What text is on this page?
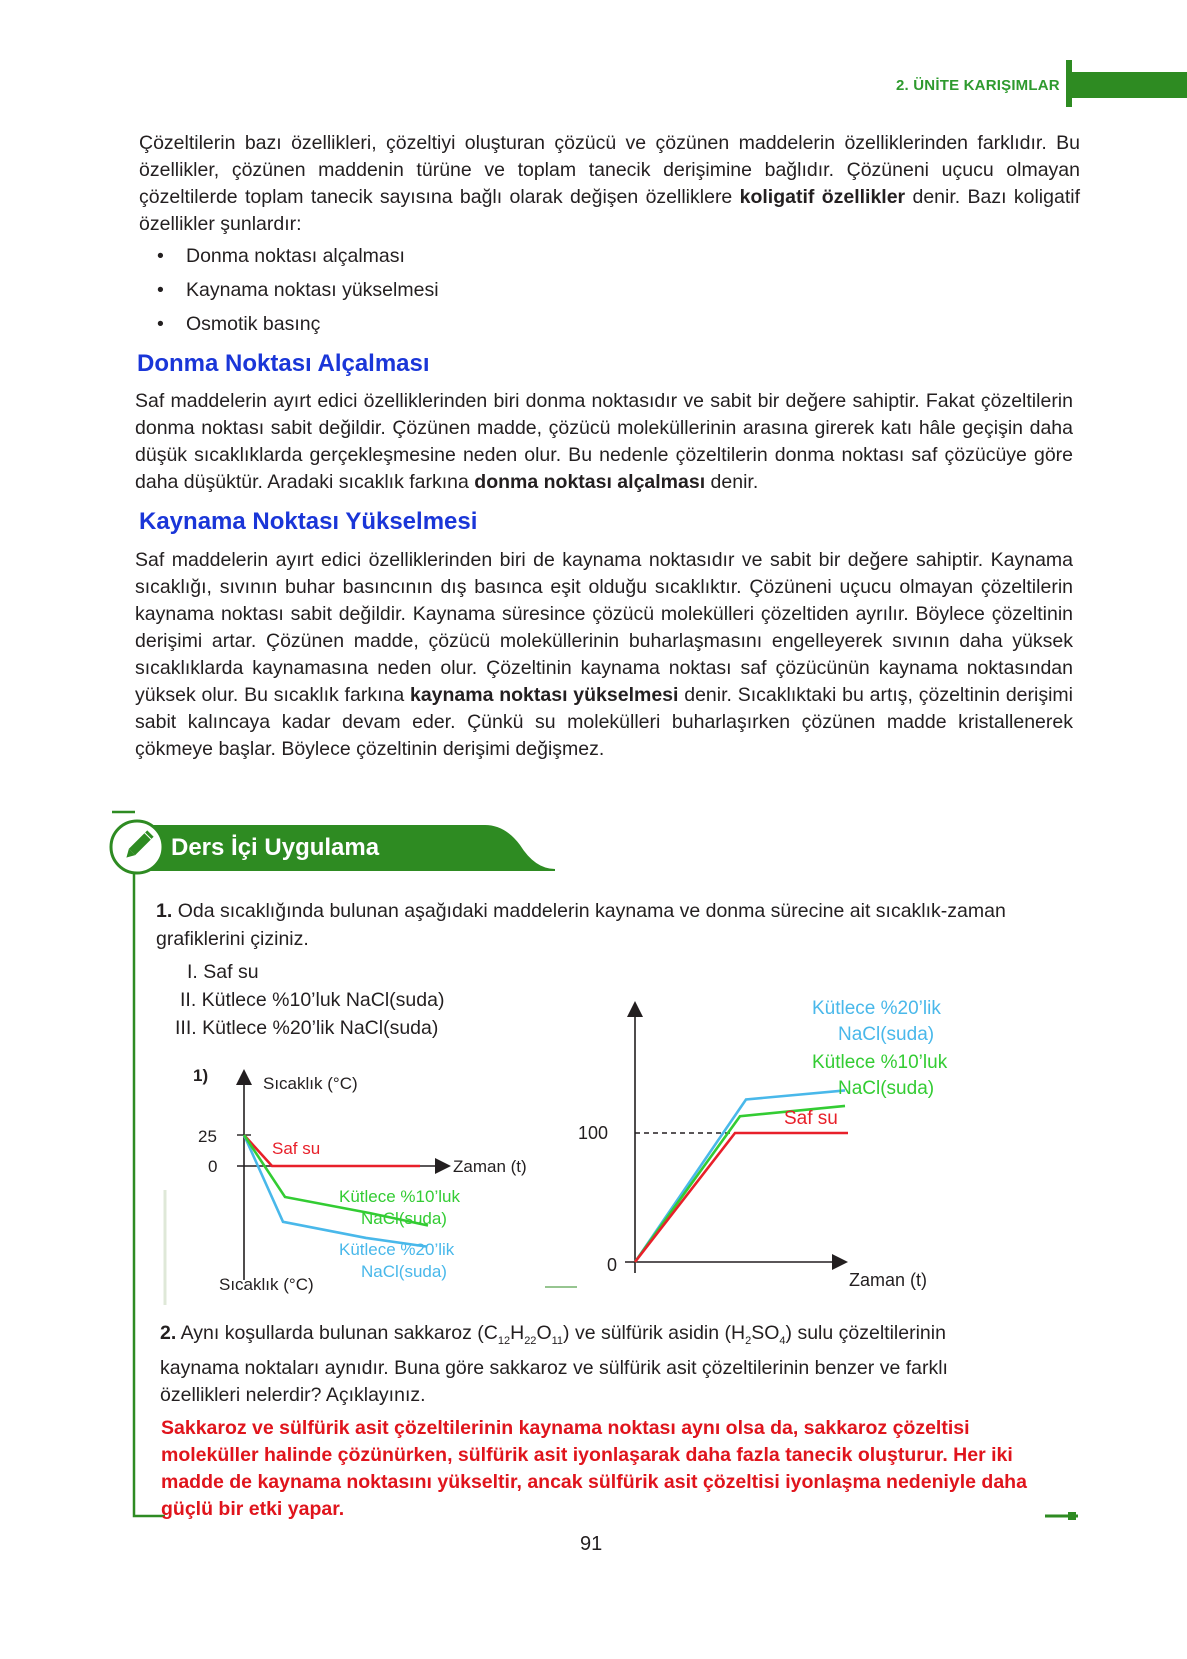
2. ÜNİTE KARIŞIMLAR

Çözeltilerin bazı özellikleri, çözeltiyi oluşturan çözücü ve çözünen maddelerin özelliklerinden farklıdır. Bu özellikler, çözünen maddenin türüne ve toplam tanecik derişimine bağlıdır. Çözüneni uçucu olmayan çözeltilerde toplam tanecik sayısına bağlı olarak değişen özelliklere koligatif özellikler denir. Bazı koligatif özellikler şunlardır:

• Donma noktası alçalması
• Kaynama noktası yükselmesi
• Osmotik basınç
Donma Noktası Alçalması

Saf maddelerin ayırt edici özelliklerinden biri donma noktasıdır ve sabit bir değere sahiptir. Fakat çözeltilerin donma noktası sabit değildir. Çözünen madde, çözücü moleküllerinin arasına girerek katı hâle geçişin daha düşük sıcaklıklarda gerçekleşmesine neden olur. Bu nedenle çözeltilerin donma noktası saf çözücüye göre daha düşüktür. Aradaki sıcaklık farkına donma noktası alçalması denir.

Kaynama Noktası Yükselmesi

Saf maddelerin ayırt edici özelliklerinden biri de kaynama noktasıdır ve sabit bir değere sahiptir. Kaynama sıcaklığı, sıvının buhar basıncının dış basınca eşit olduğu sıcaklıktır. Çözüneni uçucu olmayan çözeltilerin kaynama noktası sabit değildir. Kaynama süresince çözücü molekülleri çözeltiden ayrılır. Böylece çözeltinin derişimi artar. Çözünen madde, çözücü moleküllerinin buharlaşmasını engelleyerek sıvının daha yüksek sıcaklıklarda kaynamasına neden olur. Çözeltinin kaynama noktası saf çözücünün kaynama noktasından yüksek olur. Bu sıcaklık farkına kaynama noktası yükselmesi denir. Sıcaklıktaki bu artış, çözeltinin derişimi sabit kalıncaya kadar devam eder. Çünkü su molekülleri buharlaşırken çözünen madde kristallenerek çökmeye başlar. Böylece çözeltinin derişimi değişmez.

Ders İçi Uygulama
1. Oda sıcaklığında bulunan aşağıdaki maddelerin kaynama ve donma sürecine ait sıcaklık-zaman grafiklerini çiziniz.
I. Saf su
II. Kütlece %10’luk NaCl(suda)
III. Kütlece %20’lik NaCl(suda)
1)	Sıcaklık (°C)
Zaman (t)
Sıcaklık (°C)
25
0
Saf su
Kütlece %10’luk
NaCl(suda)
Kütlece %20’lik
NaCl(suda)	Zaman (t)
100
0
Saf su
Kütlece %10’luk
NaCl(suda)
Kütlece %20’lik
NaCl(suda)
2. Aynı koşullarda bulunan sakkaroz $(C_{12}H_{22}O_{11})$ ve sülfürik asidin $(H_2SO_4)$ sulu çözeltilerinin kaynama noktaları aynıdır. Buna göre sakkaroz ve sülfürik asit çözeltilerinin benzer ve farklı özellikleri nelerdir? Açıklayınız.
Sakkaroz ve sülfürik asit çözeltilerinin kaynama noktası aynı olsa da, sakkaroz çözeltisi moleküller halinde çözünürken, sülfürik asit iyonlaşarak daha fazla tanecik oluşturur. Her iki madde de kaynama noktasını yükseltir, ancak sülfürik asit çözeltisi iyonlaşma nedeniyle daha güçlü bir etki yapar.
91
